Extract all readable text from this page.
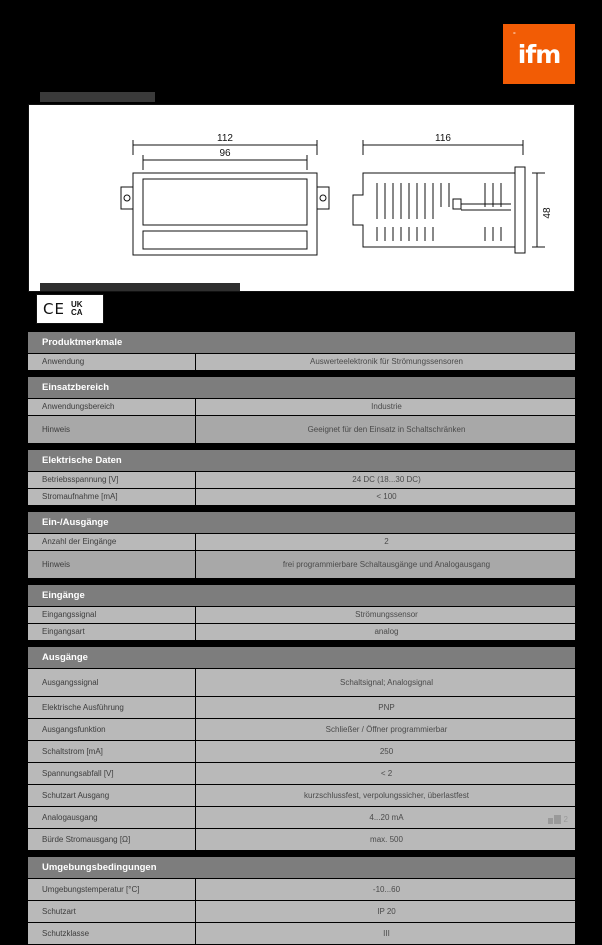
°
ifm
112
96
116
48
CE UK
CA
Produktmerkmale
Anwendung	Auswerteelektronik für Strömungssensoren
Einsatzbereich
Anwendungsbereich	Industrie
Hinweis	Geeignet für den Einsatz in Schaltschränken
Elektrische Daten
Betriebsspannung [V]	24 DC (18...30 DC)
Stromaufnahme [mA]	< 100
Ein-/Ausgänge
Anzahl der Eingänge	2
Hinweis	frei programmierbare Schaltausgänge und Analogausgang
Eingänge
Eingangssignal	Strömungssensor
Eingangsart	analog
Ausgänge
Ausgangssignal	Schaltsignal; Analogsignal
Elektrische Ausführung	PNP
Ausgangsfunktion	Schließer / Öffner programmierbar
Schaltstrom [mA]	250
Spannungsabfall [V]	< 2
Schutzart Ausgang	kurzschlussfest, verpolungssicher, überlastfest
Analogausgang	4...20 mA
Bürde Stromausgang [Ω]	max. 500
Umgebungsbedingungen
Umgebungstemperatur [°C]	-10...60
Schutzart	IP 20
Schutzklasse	III
2
